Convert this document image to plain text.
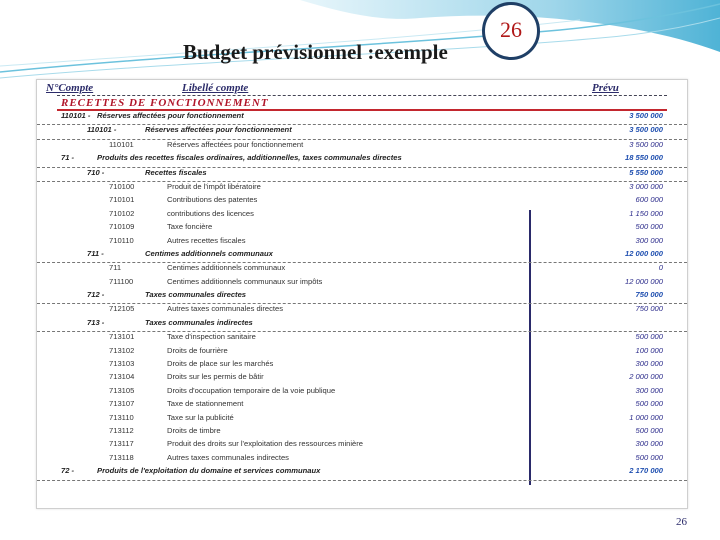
Budget prévisionnel :exemple
26
N°Compte	Libellé compte	Prévu
RECETTES DE FONCTIONNEMENT
110101 - Réserves affectées pour fonctionnement	3 500 000
110101 -	Réserves affectées pour fonctionnement	3 500 000
110101	Réserves affectées pour fonctionnement	3 500 000
71 -	Produits des recettes fiscales ordinaires, additionnelles, taxes communales directes	18 550 000
710 -	Recettes fiscales	5 550 000
710100	Produit de l'impôt libératoire	3 000 000
710101	Contributions des patentes	600 000
710102	contributions des licences	1 150 000
710109	Taxe foncière	500 000
710110	Autres recettes fiscales	300 000
711 -	Centimes additionnels communaux	12 000 000
711	Centimes additionnels communaux	0
711100	Centimes additionnels communaux sur impôts	12 000 000
712 -	Taxes communales directes	750 000
712105	Autres taxes communales directes	750 000
713 -	Taxes communales indirectes
713101	Taxe d'inspection sanitaire	500 000
713102	Droits de fourrière	100 000
713103	Droits de place sur les marchés	300 000
713104	Droits sur les permis de bâtir	2 000 000
713105	Droits d'occupation temporaire de la voie publique	300 000
713107	Taxe de stationnement	500 000
713110	Taxe sur la publicité	1 000 000
713112	Droits de timbre	500 000
713117	Produit des droits sur l'exploitation des ressources minière	300 000
713118	Autres taxes communales indirectes	500 000
72 -	Produits de l'exploitation du domaine et services communaux	2 170 000
26
